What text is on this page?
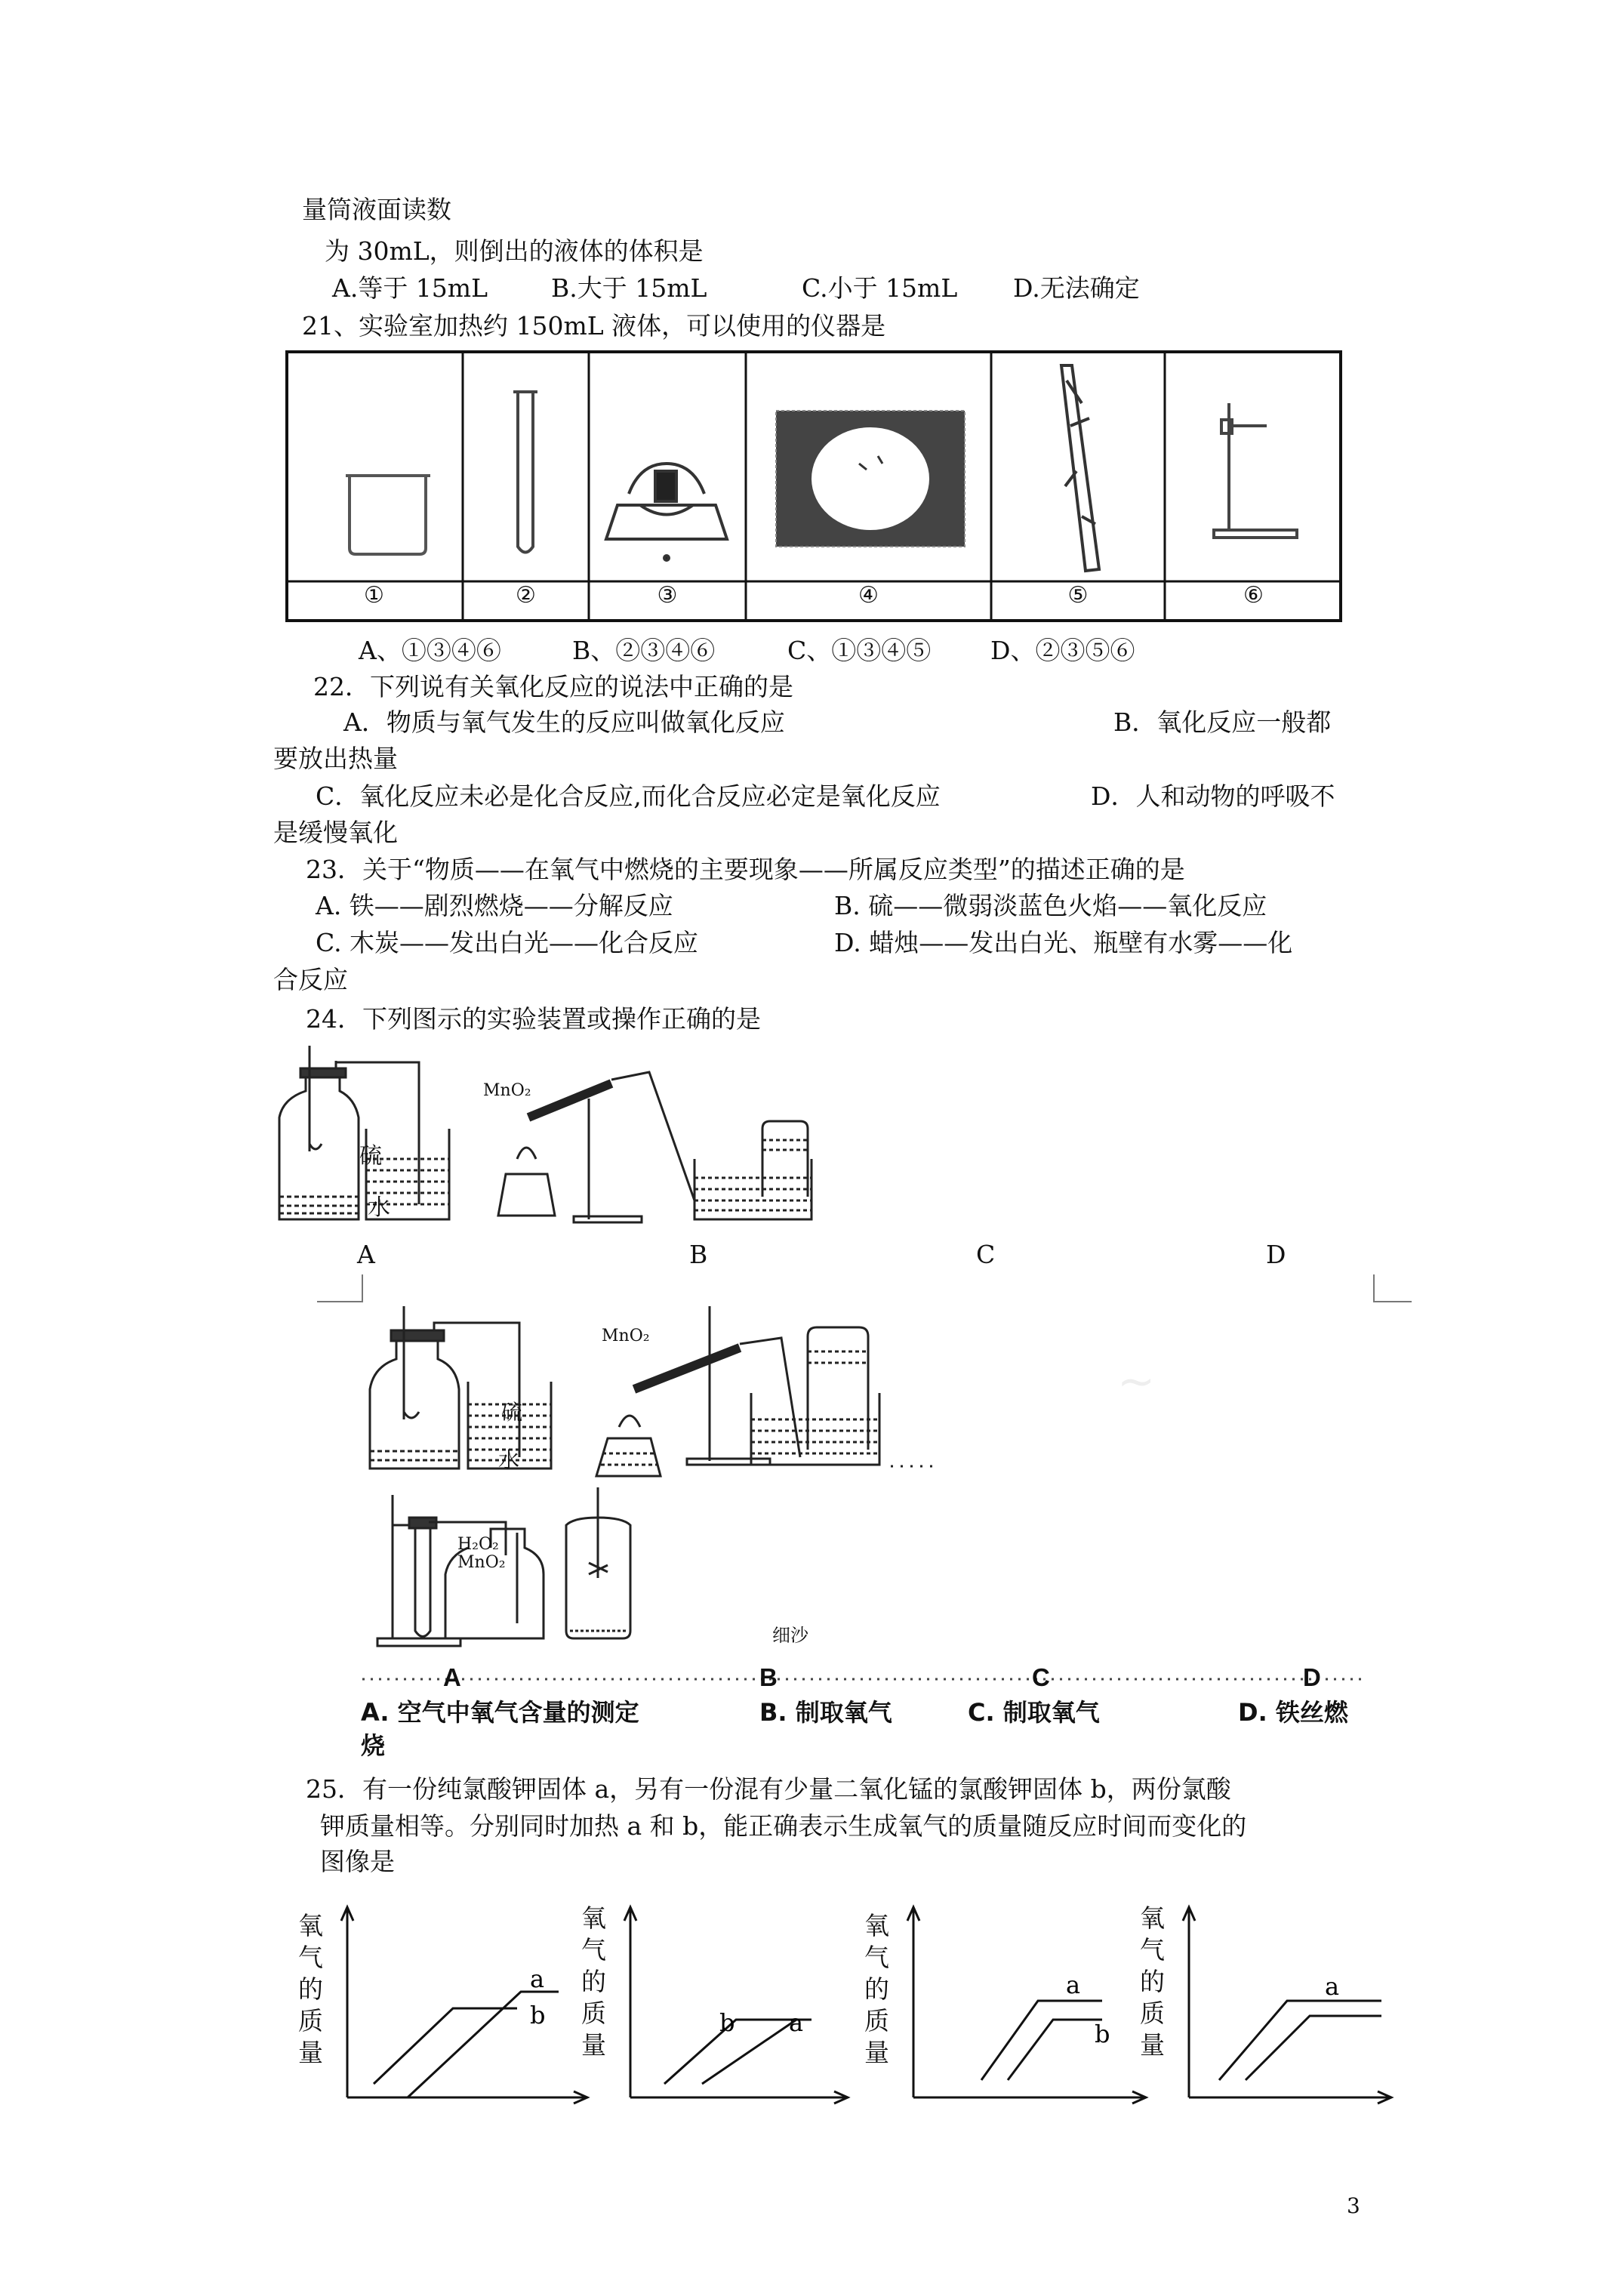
量筒液面读数
为 30mL，则倒出的液体的体积是
A.等于 15mL	B.大于 15mL	C.小于 15mL D.无法确定
21、实验室加热约 150mL 液体，可以使用的仪器是
①	②	③	④	⑤	⑥
A、①③④⑥	B、②③④⑥	C、①③④⑤ D、②③⑤⑥
22．下列说有关氧化反应的说法中正确的是
A．物质与氧气发生的反应叫做氧化反应	B．氧化反应一般都
要放出热量
C．氧化反应未必是化合反应,而化合反应必定是氧化反应	D．人和动物的呼吸不
是缓慢氧化
23．关于“物质——在氧气中燃烧的主要现象——所属反应类型”的描述正确的是
A. 铁——剧烈燃烧——分解反应	B. 硫——微弱淡蓝色火焰——氧化反应
C. 木炭——发出白光——化合反应	D. 蜡烛——发出白光、瓶壁有水雾——化
合反应
24．下列图示的实验装置或操作正确的是
MnO₂
硫
水
A	B	C	D
~
硫
水
MnO₂
H₂O₂
MnO₂
细沙
A	B	C	D
A. 空气中氧气含量的测定	B. 制取氧气	C. 制取氧气	D. 铁丝燃
烧
25．有一份纯氯酸钾固体 a，另有一份混有少量二氧化锰的氯酸钾固体 b，两份氯酸
钾质量相等。分别同时加热 a 和 b，能正确表示生成氧气的质量随反应时间而变化的
图像是
氧
气
的
质
量
a
b
氧
气
的
质
量
b a
氧
气
的
质
量
a
b
氧
气
的
质
量
a
3
